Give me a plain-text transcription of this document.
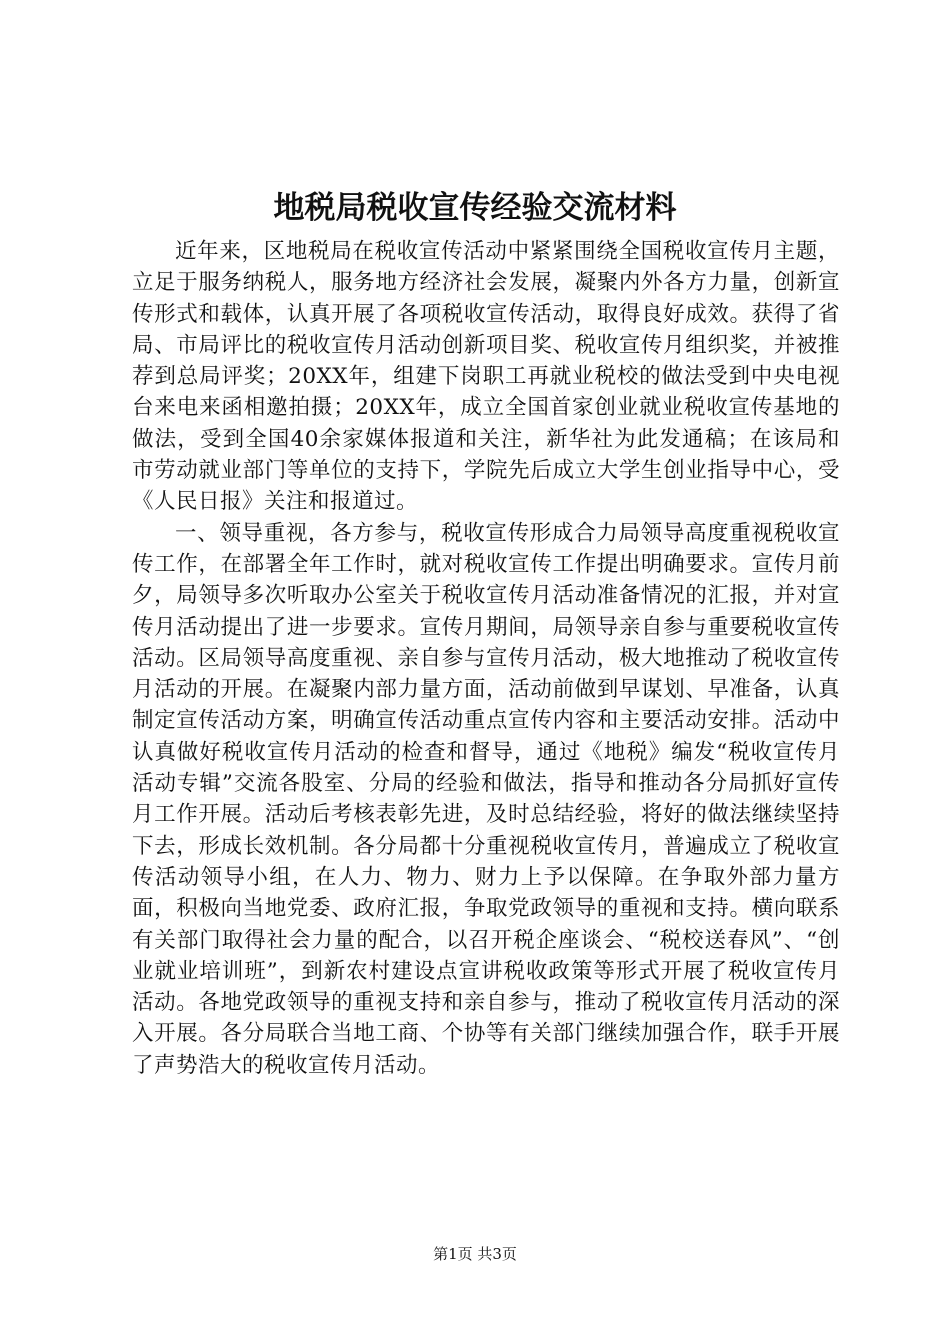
地税局税收宣传经验交流材料

近年来，区地税局在税收宣传活动中紧紧围绕全国税收宣传月主题，立足于服务纳税人，服务地方经济社会发展，凝聚内外各方力量，创新宣传形式和载体，认真开展了各项税收宣传活动，取得良好成效。获得了省局、市局评比的税收宣传月活动创新项目奖、税收宣传月组织奖，并被推荐到总局评奖；20XX年，组建下岗职工再就业税校的做法受到中央电视台来电来函相邀拍摄；20XX年，成立全国首家创业就业税收宣传基地的做法，受到全国40余家媒体报道和关注，新华社为此发通稿；在该局和市劳动就业部门等单位的支持下，学院先后成立大学生创业指导中心，受《人民日报》关注和报道过。

一、领导重视，各方参与，税收宣传形成合力局领导高度重视税收宣传工作，在部署全年工作时，就对税收宣传工作提出明确要求。宣传月前夕，局领导多次听取办公室关于税收宣传月活动准备情况的汇报，并对宣传月活动提出了进一步要求。宣传月期间，局领导亲自参与重要税收宣传活动。区局领导高度重视、亲自参与宣传月活动，极大地推动了税收宣传月活动的开展。在凝聚内部力量方面，活动前做到早谋划、早准备，认真制定宣传活动方案，明确宣传活动重点宣传内容和主要活动安排。活动中认真做好税收宣传月活动的检查和督导，通过《地税》编发“税收宣传月活动专辑”交流各股室、分局的经验和做法，指导和推动各分局抓好宣传月工作开展。活动后考核表彰先进，及时总结经验，将好的做法继续坚持下去，形成长效机制。各分局都十分重视税收宣传月，普遍成立了税收宣传活动领导小组，在人力、物力、财力上予以保障。在争取外部力量方面，积极向当地党委、政府汇报，争取党政领导的重视和支持。横向联系有关部门取得社会力量的配合，以召开税企座谈会、“税校送春风”、“创业就业培训班”，到新农村建设点宣讲税收政策等形式开展了税收宣传月活动。各地党政领导的重视支持和亲自参与，推动了税收宣传月活动的深入开展。各分局联合当地工商、个协等有关部门继续加强合作，联手开展了声势浩大的税收宣传月活动。

第1页 共3页
